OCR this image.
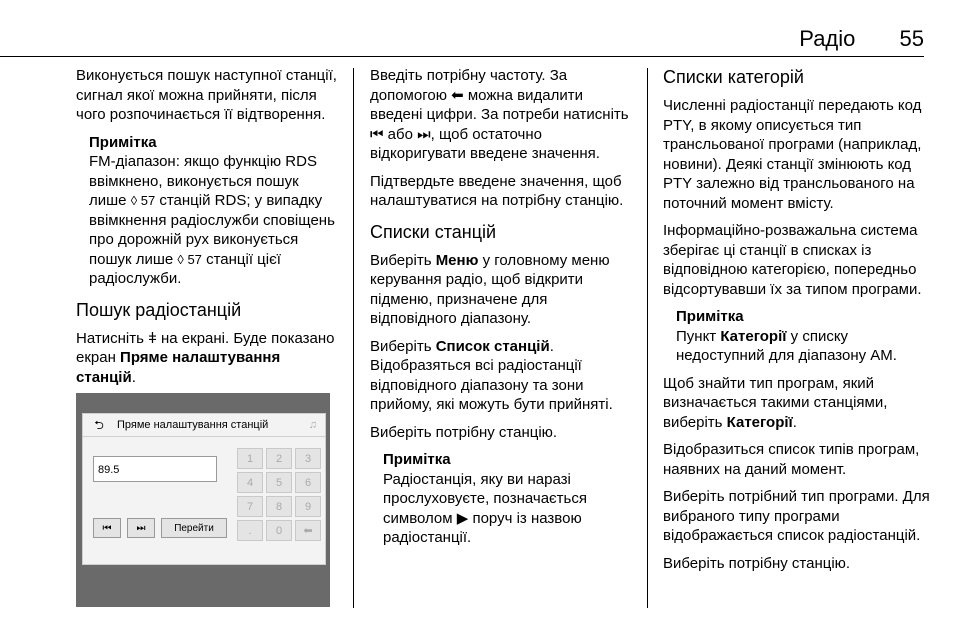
Радіо 55

Виконується пошук наступної станції, сигнал якої можна прийняти, після чого розпочинається її відтворення.

Примітка
FM-діапазон: якщо функцію RDS ввімкнено, виконується пошук лише ◊ 57 станцій RDS; у випадку ввімкнення радіослужби сповіщень про дорожній рух виконується пошук лише ◊ 57 станції цієї радіослужби.
Пошук радіостанцій

Натисніть ǂ на екрані. Буде показано екран Пряме налаштування станцій.

⮌	Пряме налаштування станцій	♫
89.5
1	2	3
4	5	6
7	8	9
.	0	⬅
⏮	⏭	Перейти

Введіть потрібну частоту. За допомогою ⬅ можна видалити введені цифри. За потреби натисніть ⏮ або ⏭, щоб остаточно відкоригувати введене значення.

Підтвердьте введене значення, щоб налаштуватися на потрібну станцію.

Списки станцій

Виберіть Меню у головному меню керування радіо, щоб відкрити підменю, призначене для відповідного діапазону.

Виберіть Список станцій. Відобразяться всі радіостанції відповідного діапазону та зони прийому, які можуть бути прийняті.

Виберіть потрібну станцію.

Примітка
Радіостанція, яку ви наразі прослуховуєте, позначається символом ▶ поруч із назвою радіостанції.
Списки категорій

Численні радіостанції передають код PTY, в якому описується тип трансльованої програми (наприклад, новини). Деякі станції змінюють код PTY залежно від трансльованого на поточний момент вмісту.

Інформаційно-розважальна система зберігає ці станції в списках із відповідною категорією, попередньо відсортувавши їх за типом програми.

Примітка
Пункт Категорії у списку недоступний для діапазону АМ.

Щоб знайти тип програм, який визначається такими станціями, виберіть Категорії.

Відобразиться список типів програм, наявних на даний момент.

Виберіть потрібний тип програми. Для вибраного типу програми відображається список радіостанцій.

Виберіть потрібну станцію.
